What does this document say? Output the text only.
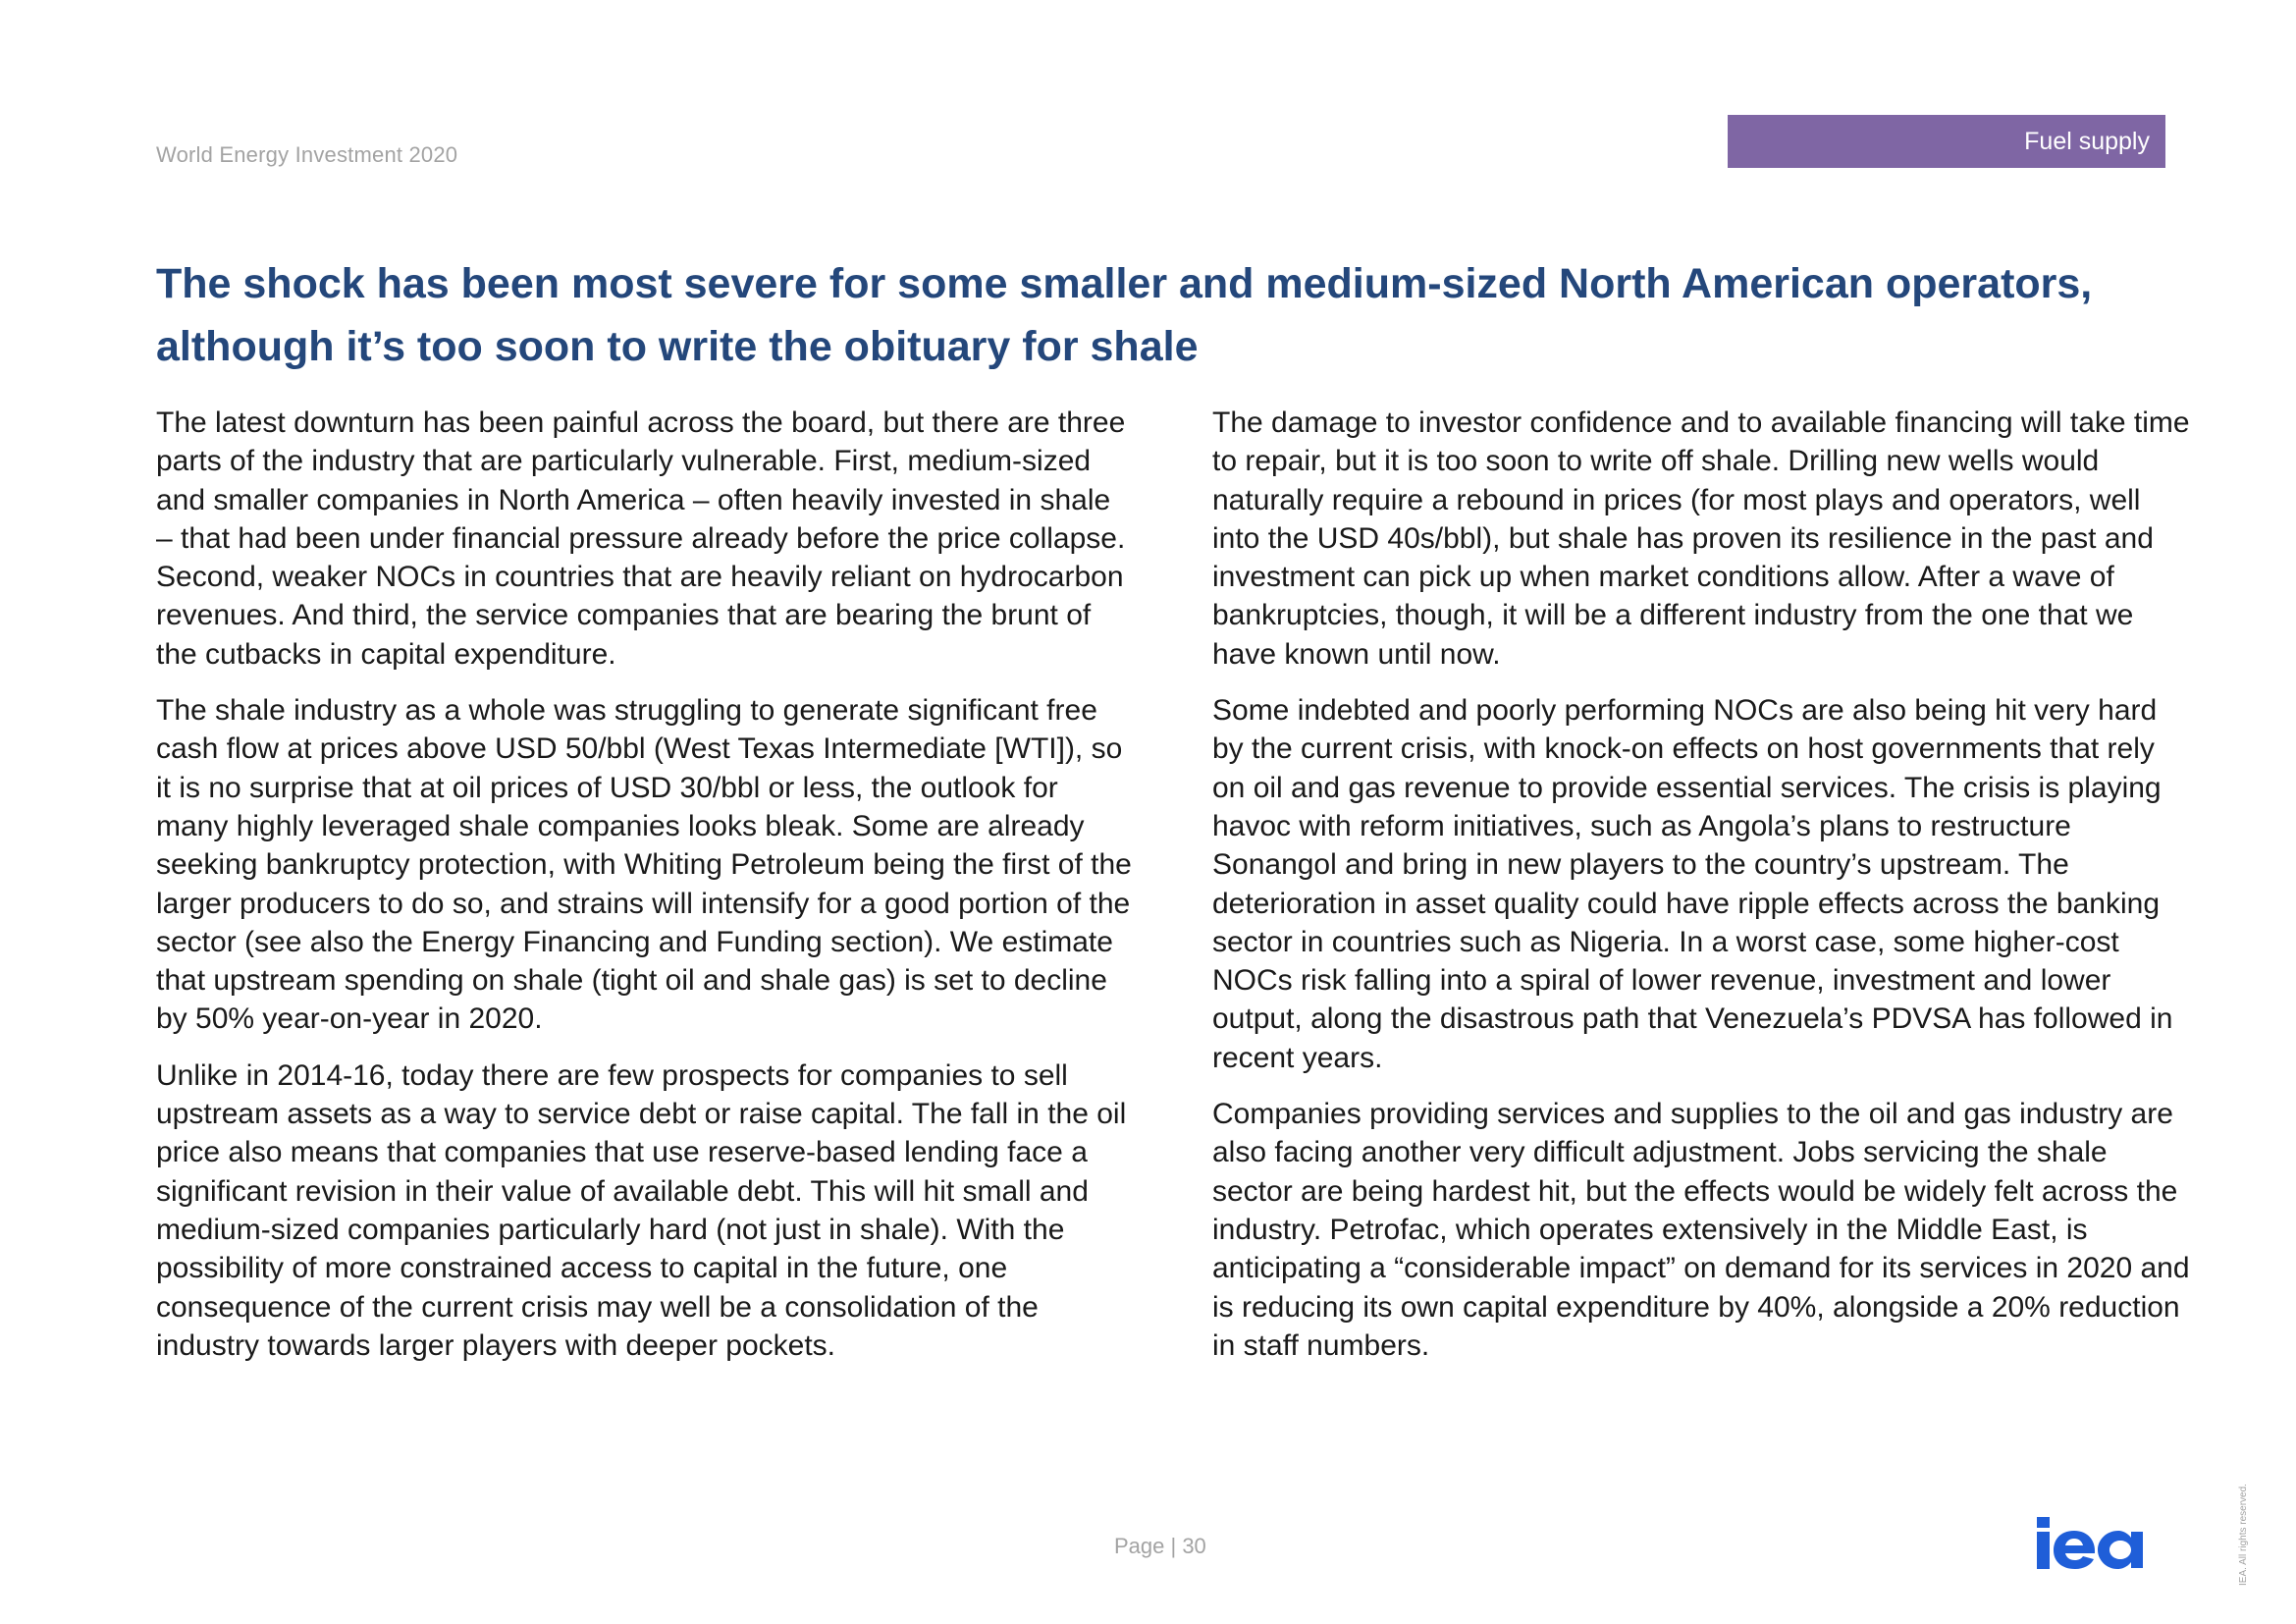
World Energy Investment 2020	Fuel supply
The shock has been most severe for some smaller and medium-sized North American operators, although it’s too soon to write the obituary for shale

The latest downturn has been painful across the board, but there are three parts of the industry that are particularly vulnerable. First, medium-sized and smaller companies in North America – often heavily invested in shale – that had been under financial pressure already before the price collapse. Second, weaker NOCs in countries that are heavily reliant on hydrocarbon revenues. And third, the service companies that are bearing the brunt of the cutbacks in capital expenditure.

The shale industry as a whole was struggling to generate significant free cash flow at prices above USD 50/bbl (West Texas Intermediate [WTI]), so it is no surprise that at oil prices of USD 30/bbl or less, the outlook for many highly leveraged shale companies looks bleak. Some are already seeking bankruptcy protection, with Whiting Petroleum being the first of the larger producers to do so, and strains will intensify for a good portion of the sector (see also the Energy Financing and Funding section). We estimate that upstream spending on shale (tight oil and shale gas) is set to decline by 50% year-on-year in 2020.

Unlike in 2014-16, today there are few prospects for companies to sell upstream assets as a way to service debt or raise capital. The fall in the oil price also means that companies that use reserve-based lending face a significant revision in their value of available debt. This will hit small and medium-sized companies particularly hard (not just in shale). With the possibility of more constrained access to capital in the future, one consequence of the current crisis may well be a consolidation of the industry towards larger players with deeper pockets.

The damage to investor confidence and to available financing will take time to repair, but it is too soon to write off shale. Drilling new wells would naturally require a rebound in prices (for most plays and operators, well into the USD 40s/bbl), but shale has proven its resilience in the past and investment can pick up when market conditions allow. After a wave of bankruptcies, though, it will be a different industry from the one that we have known until now.

Some indebted and poorly performing NOCs are also being hit very hard by the current crisis, with knock-on effects on host governments that rely on oil and gas revenue to provide essential services. The crisis is playing havoc with reform initiatives, such as Angola’s plans to restructure Sonangol and bring in new players to the country’s upstream. The deterioration in asset quality could have ripple effects across the banking sector in countries such as Nigeria. In a worst case, some higher-cost NOCs risk falling into a spiral of lower revenue, investment and lower output, along the disastrous path that Venezuela’s PDVSA has followed in recent years.

Companies providing services and supplies to the oil and gas industry are also facing another very difficult adjustment. Jobs servicing the shale sector are being hardest hit, but the effects would be widely felt across the industry. Petrofac, which operates extensively in the Middle East, is anticipating a “considerable impact” on demand for its services in 2020 and is reducing its own capital expenditure by 40%, alongside a 20% reduction in staff numbers.

Page | 30	IEA. All rights reserved.
